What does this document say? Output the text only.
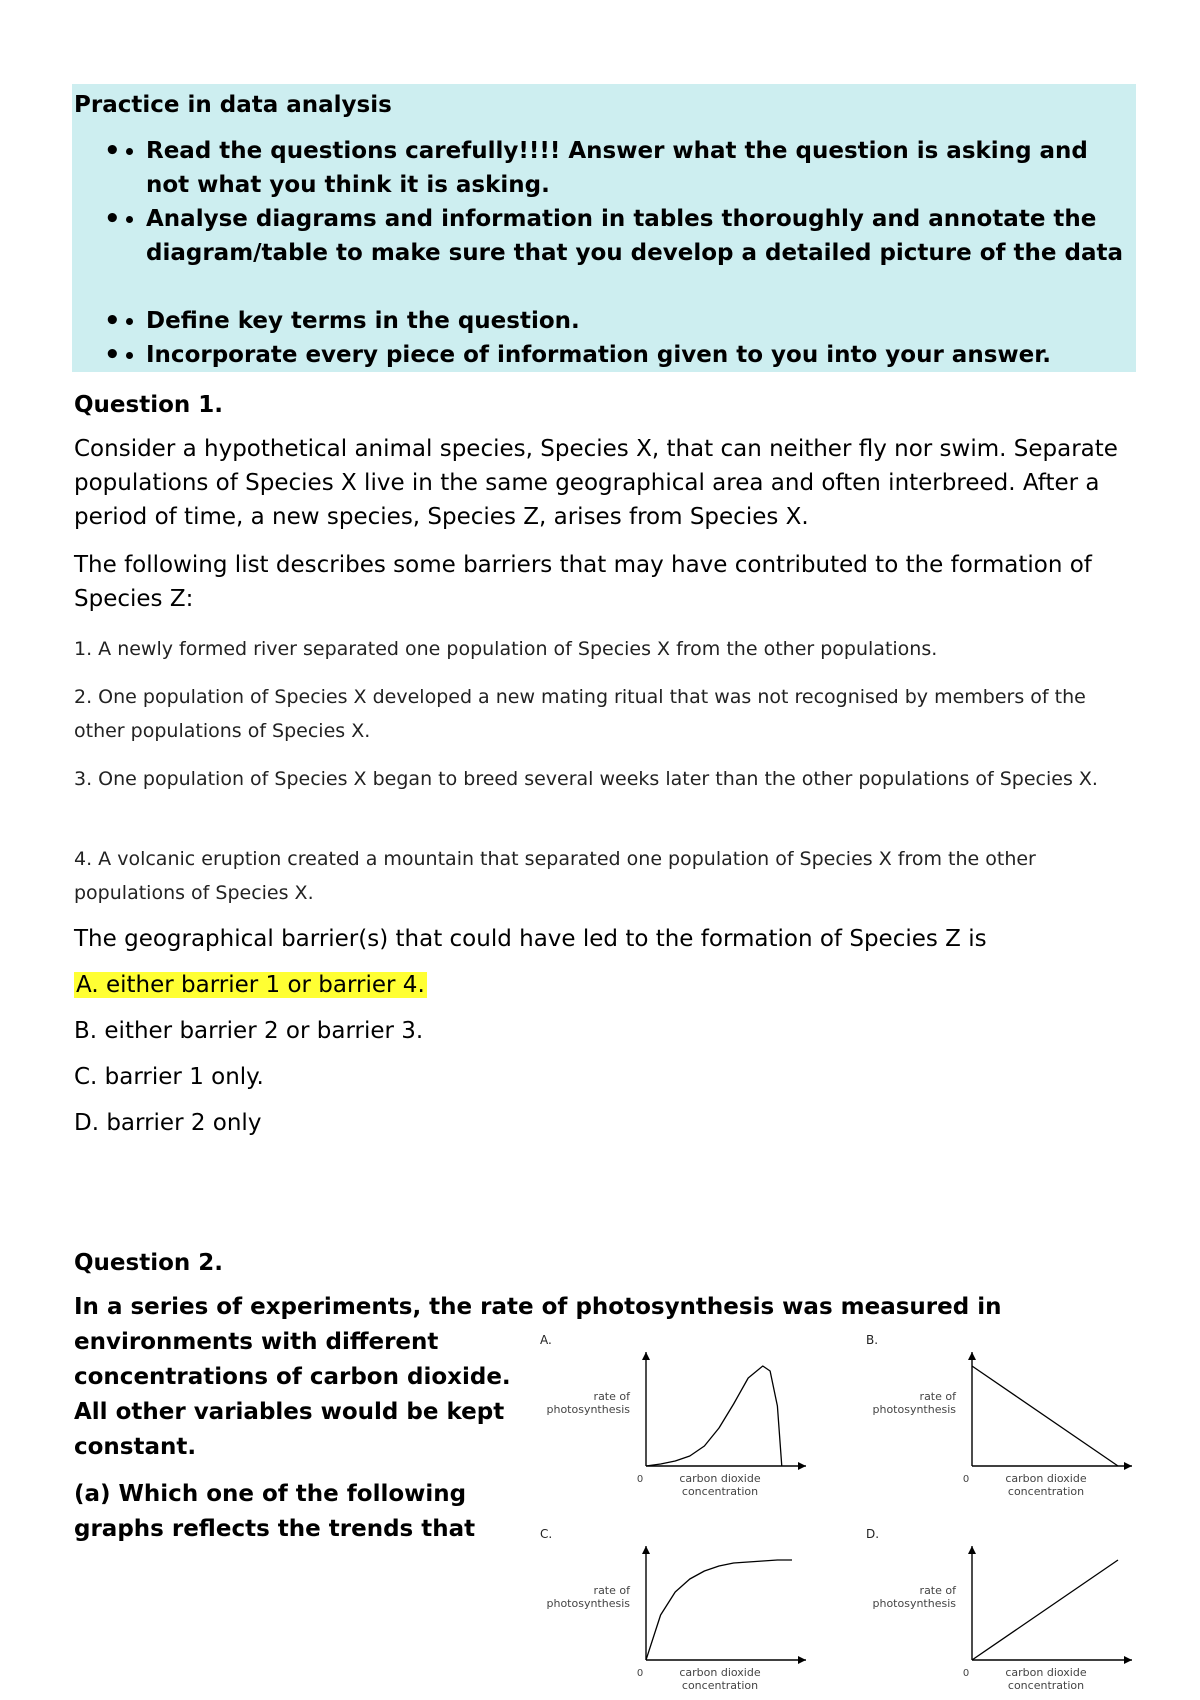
Practice in data analysis
• • Read the questions carefully!!!! Answer what the question is asking and not what you think it is asking.
• • Analyse diagrams and information in tables thoroughly and annotate the diagram/table to make sure that you develop a detailed picture of the data
• • Define key terms in the question.
• • Incorporate every piece of information given to you into your answer.
Question 1.
Consider a hypothetical animal species, Species X, that can neither fly nor swim. Separate populations of Species X live in the same geographical area and often interbreed. After a period of time, a new species, Species Z, arises from Species X.
The following list describes some barriers that may have contributed to the formation of Species Z:
1. A newly formed river separated one population of Species X from the other populations.
2. One population of Species X developed a new mating ritual that was not recognised by members of the other populations of Species X.
3. One population of Species X began to breed several weeks later than the other populations of Species X.
4. A volcanic eruption created a mountain that separated one population of Species X from the other populations of Species X.
The geographical barrier(s) that could have led to the formation of Species Z is
A. either barrier 1 or barrier 4.
B. either barrier 2 or barrier 3.
C. barrier 1 only.
D. barrier 2 only
Question 2.
In a series of experiments, the rate of photosynthesis was measured in

environments with different concentrations of carbon dioxide. All other variables would be kept constant.

(a) Which one of the following graphs reflects the trends that

A.
rate of
photosynthesis
0	carbon dioxide
concentration
B.
rate of
photosynthesis
0	carbon dioxide
concentration
C.
rate of
photosynthesis
0	carbon dioxide
concentration
D.
rate of
photosynthesis
0	carbon dioxide
concentration
